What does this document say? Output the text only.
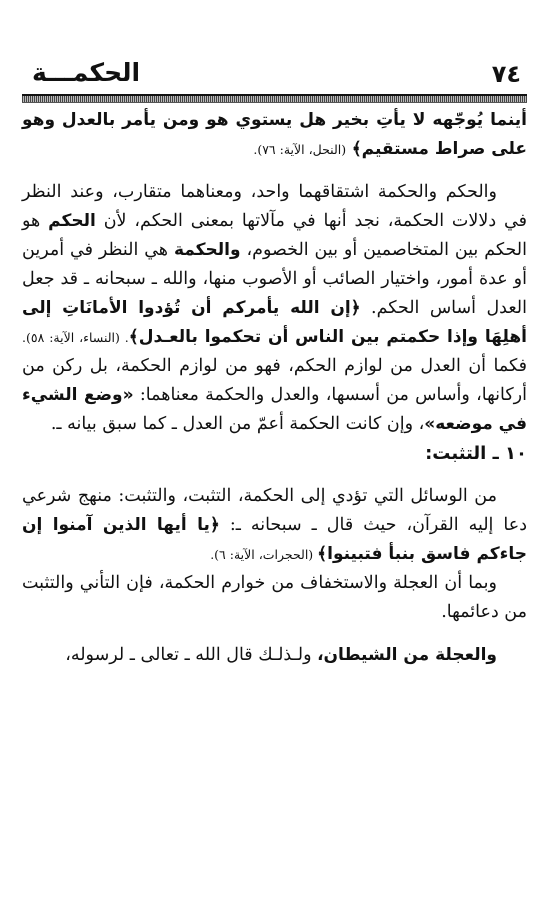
٧٤
الحكمـــة

أينما يُوجّهه لا يأتِ بخير هل يستوي هو ومن يأمر بالعدل وهو على صراط مستقيم﴾ (النحل، الآية: ٧٦).

والحكم والحكمة اشتقاقهما واحد، ومعناهما متقارب، وعند النظر في دلالات الحكمة، نجد أنها في مآلاتها بمعنى الحكم، لأن الحكم هو الحكم بين المتخاصمين أو بين الخصوم، والحكمة هي النظر في أمرين أو عدة أمور، واختيار الصائب أو الأصوب منها، والله ـ سبحانه ـ قد جعل العدل أساس الحكم. ﴿إن الله يأمركم أن تُؤدوا الأمانَاتِ إلى أهلِهَا وإذا حكمتم بين الناس أن تحكموا بالعـدل﴾. (النساء، الآية: ٥٨). فكما أن العدل من لوازم الحكم، فهو من لوازم الحكمة، بل ركن من أركانها، وأساس من أسسها، والعدل والحكمة معناهما: «وضع الشيء في موضعه»، وإن كانت الحكمة أعمّ من العدل ـ كما سبق بيانه ـ.

١٠ ـ التثبت:

من الوسائل التي تؤدي إلى الحكمة، التثبت، والتثبت: منهج شرعي دعا إليه القرآن، حيث قال ـ سبحانه ـ: ﴿يا أيها الذين آمنوا إن جاءكم فاسق بنبأ فتبينوا﴾ (الحجرات، الآية: ٦).

وبما أن العجلة والاستخفاف من خوارم الحكمة، فإن التأني والتثبت من دعائمها.

والعجلة من الشيطان، ولـذلـك قال الله ـ تعالى ـ لرسوله،
